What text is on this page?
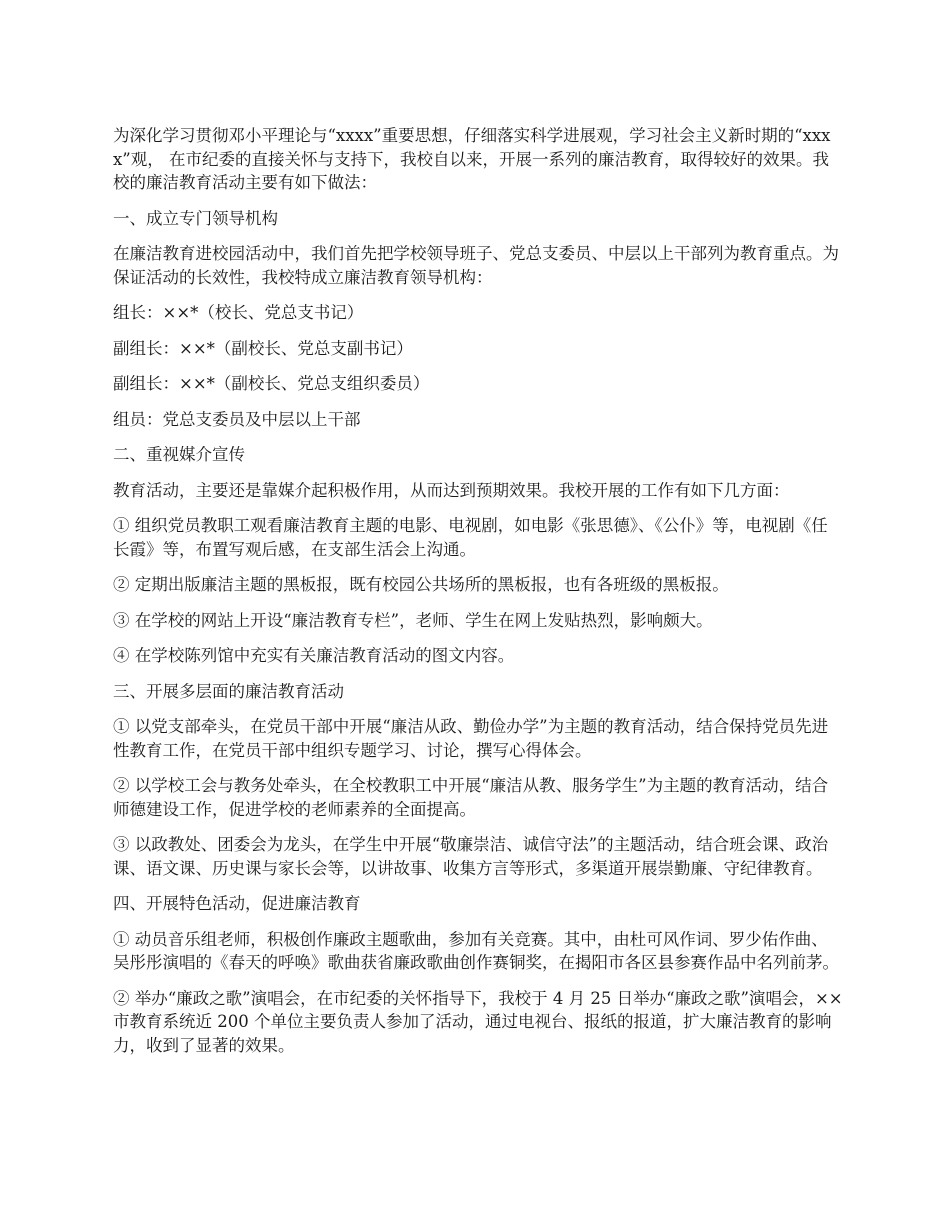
为深化学习贯彻邓小平理论与“xxxx”重要思想，仔细落实科学进展观，学习社会主义新时期的“xxxx”观， 在市纪委的直接关怀与支持下，我校自以来，开展一系列的廉洁教育，取得较好的效果。我校的廉洁教育活动主要有如下做法：

一、成立专门领导机构

在廉洁教育进校园活动中，我们首先把学校领导班子、党总支委员、中层以上干部列为教育重点。为保证活动的长效性，我校特成立廉洁教育领导机构：

组长：××*（校长、党总支书记）

副组长：××*（副校长、党总支副书记）

副组长：××*（副校长、党总支组织委员）

组员：党总支委员及中层以上干部

二、重视媒介宣传

教育活动，主要还是靠媒介起积极作用，从而达到预期效果。我校开展的工作有如下几方面：

① 组织党员教职工观看廉洁教育主题的电影、电视剧，如电影《张思德》、《公仆》等，电视剧《任长霞》等，布置写观后感，在支部生活会上沟通。

② 定期出版廉洁主题的黑板报，既有校园公共场所的黑板报，也有各班级的黑板报。

③ 在学校的网站上开设“廉洁教育专栏”，老师、学生在网上发贴热烈，影响颇大。

④ 在学校陈列馆中充实有关廉洁教育活动的图文内容。

三、开展多层面的廉洁教育活动

① 以党支部牵头，在党员干部中开展“廉洁从政、勤俭办学”为主题的教育活动，结合保持党员先进性教育工作，在党员干部中组织专题学习、讨论，撰写心得体会。

② 以学校工会与教务处牵头，在全校教职工中开展“廉洁从教、服务学生”为主题的教育活动，结合师德建设工作，促进学校的老师素养的全面提高。

③ 以政教处、团委会为龙头，在学生中开展“敬廉崇洁、诚信守法”的主题活动，结合班会课、政治课、语文课、历史课与家长会等，以讲故事、收集方言等形式，多渠道开展崇勤廉、守纪律教育。

四、开展特色活动，促进廉洁教育

① 动员音乐组老师，积极创作廉政主题歌曲，参加有关竞赛。其中，由杜可风作词、罗少佑作曲、吴彤彤演唱的《春天的呼唤》歌曲获省廉政歌曲创作赛铜奖，在揭阳市各区县参赛作品中名列前茅。

② 举办“廉政之歌”演唱会，在市纪委的关怀指导下，我校于 4 月 25 日举办“廉政之歌”演唱会，××市教育系统近 200 个单位主要负责人参加了活动，通过电视台、报纸的报道，扩大廉洁教育的影响力，收到了显著的效果。
